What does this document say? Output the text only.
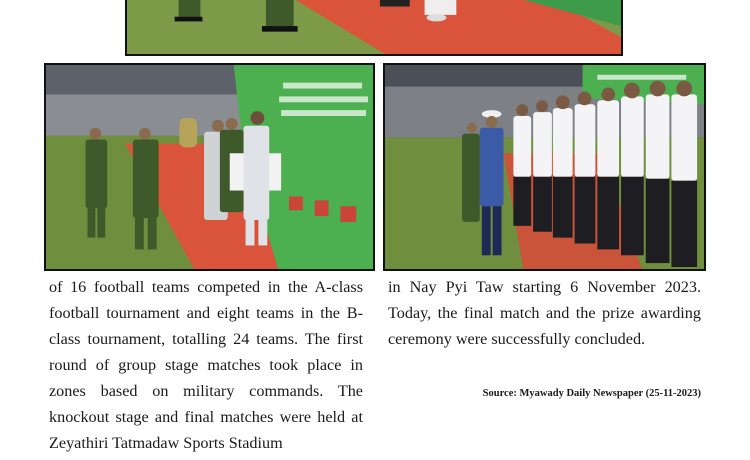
of 16 football teams competed in the A-class football tournament and eight teams in the B-class tournament, totalling 24 teams. The first round of group stage matches took place in zones based on military commands. The knockout stage and final matches were held at Zeyathiri Tatmadaw Sports Stadium

in Nay Pyi Taw starting 6 November 2023. Today, the final match and the prize awarding ceremony were successfully concluded.

Source: Myawady Daily Newspaper (25-11-2023)
